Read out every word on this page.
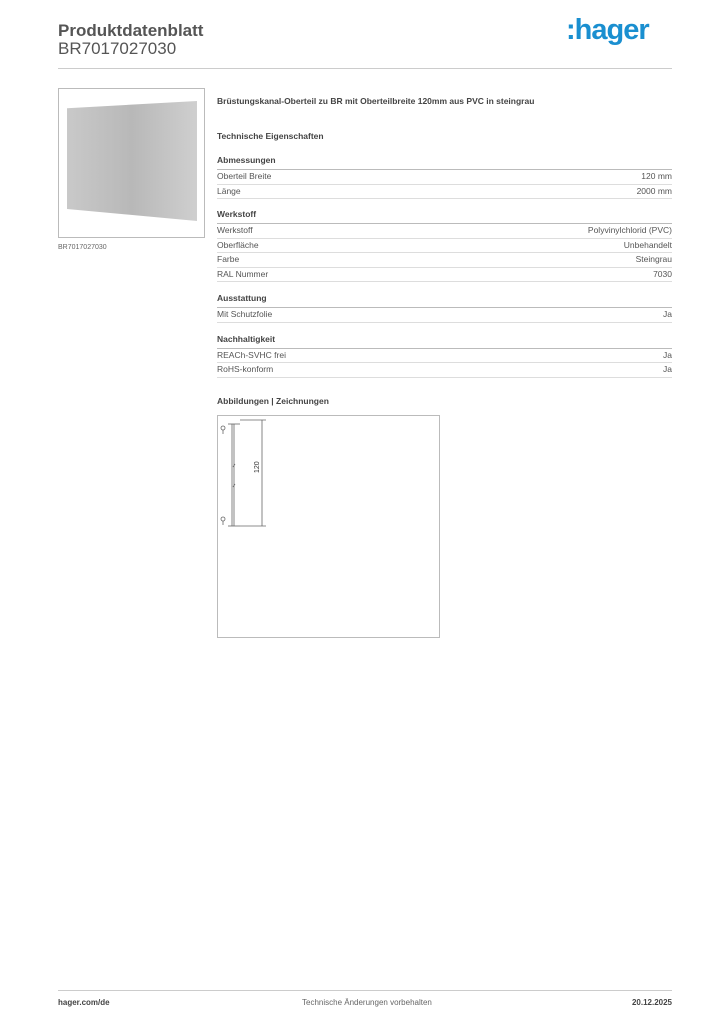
Produktdatenblatt
BR7017027030
:hager
BR7017027030
Brüstungskanal-Oberteil zu BR mit Oberteilbreite 120mm aus PVC in steingrau
Technische Eigenschaften
Abmessungen
Oberteil Breite	120 mm
Länge	2000 mm
Werkstoff
Werkstoff	Polyvinylchlorid (PVC)
Oberfläche	Unbehandelt
Farbe	Steingrau
RAL Nummer	7030
Ausstattung
Mit Schutzfolie	Ja
Nachhaltigkeit
REACh-SVHC frei	Ja
RoHS-konform	Ja
Abbildungen | Zeichnungen
120
hager.com/de	Technische Änderungen vorbehalten	20.12.2025
